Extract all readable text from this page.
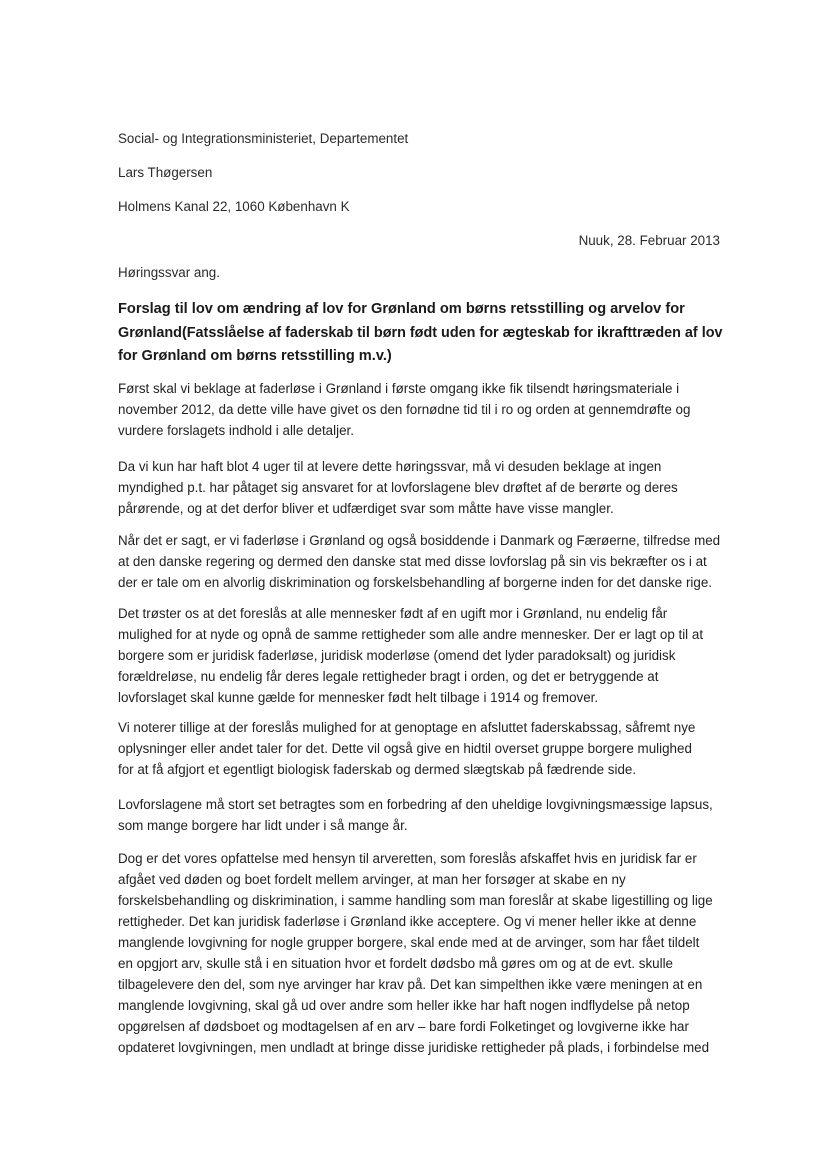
Social- og Integrationsministeriet, Departementet
Lars Thøgersen
Holmens Kanal 22, 1060 København K
Nuuk, 28. Februar 2013
Høringssvar ang.

Forslag til lov om ændring af lov for Grønland om børns retsstilling og arvelov for

Grønland(Fatsslåelse af faderskab til børn født uden for ægteskab for ikrafttræden af lov

for Grønland om børns retsstilling m.v.)

Først skal vi beklage at faderløse i Grønland i første omgang ikke fik tilsendt høringsmateriale i

november 2012, da dette ville have givet os den fornødne tid til i ro og orden at gennemdrøfte og

vurdere forslagets indhold i alle detaljer.

Da vi kun har haft blot 4 uger til at levere dette høringssvar, må vi desuden beklage at ingen

myndighed p.t. har påtaget sig ansvaret for at lovforslagene blev drøftet af de berørte og deres

pårørende, og at det derfor bliver et udfærdiget svar som måtte have visse mangler.

Når det er sagt, er vi faderløse i Grønland og også bosiddende i Danmark og Færøerne, tilfredse med

at den danske regering og dermed den danske stat med disse lovforslag på sin vis bekræfter os i at

der er tale om en alvorlig diskrimination og forskelsbehandling af borgerne inden for det danske rige.

Det trøster os at det foreslås at alle mennesker født af en ugift mor i Grønland, nu endelig får

mulighed for at nyde og opnå de samme rettigheder som alle andre mennesker. Der er lagt op til at

borgere som er juridisk faderløse, juridisk moderløse (omend det lyder paradoksalt) og juridisk

forældreløse, nu endelig får deres legale rettigheder bragt i orden, og det er betryggende at

lovforslaget skal kunne gælde for mennesker født helt tilbage i 1914 og fremover.

Vi noterer tillige at der foreslås mulighed for at genoptage en afsluttet faderskabssag, såfremt nye

oplysninger eller andet taler for det. Dette vil også give en hidtil overset gruppe borgere mulighed

for at få afgjort et egentligt biologisk faderskab og dermed slægtskab på fædrende side.

Lovforslagene må stort set betragtes som en forbedring af den uheldige lovgivningsmæssige lapsus,

som mange borgere har lidt under i så mange år.

Dog er det vores opfattelse med hensyn til arveretten, som foreslås afskaffet hvis en juridisk far er

afgået ved døden og boet fordelt mellem arvinger, at man her forsøger at skabe en ny

forskelsbehandling og diskrimination, i samme handling som man foreslår at skabe ligestilling og lige

rettigheder. Det kan juridisk faderløse i Grønland ikke acceptere. Og vi mener heller ikke at denne

manglende lovgivning for nogle grupper borgere, skal ende med at de arvinger, som har fået tildelt

en opgjort arv, skulle stå i en situation hvor et fordelt dødsbo må gøres om og at de evt. skulle

tilbagelevere den del, som nye arvinger har krav på. Det kan simpelthen ikke være meningen at en

manglende lovgivning, skal gå ud over andre som heller ikke har haft nogen indflydelse på netop

opgørelsen af dødsboet og modtagelsen af en arv – bare fordi Folketinget og lovgiverne ikke har

opdateret lovgivningen, men undladt at bringe disse juridiske rettigheder på plads, i forbindelse med
